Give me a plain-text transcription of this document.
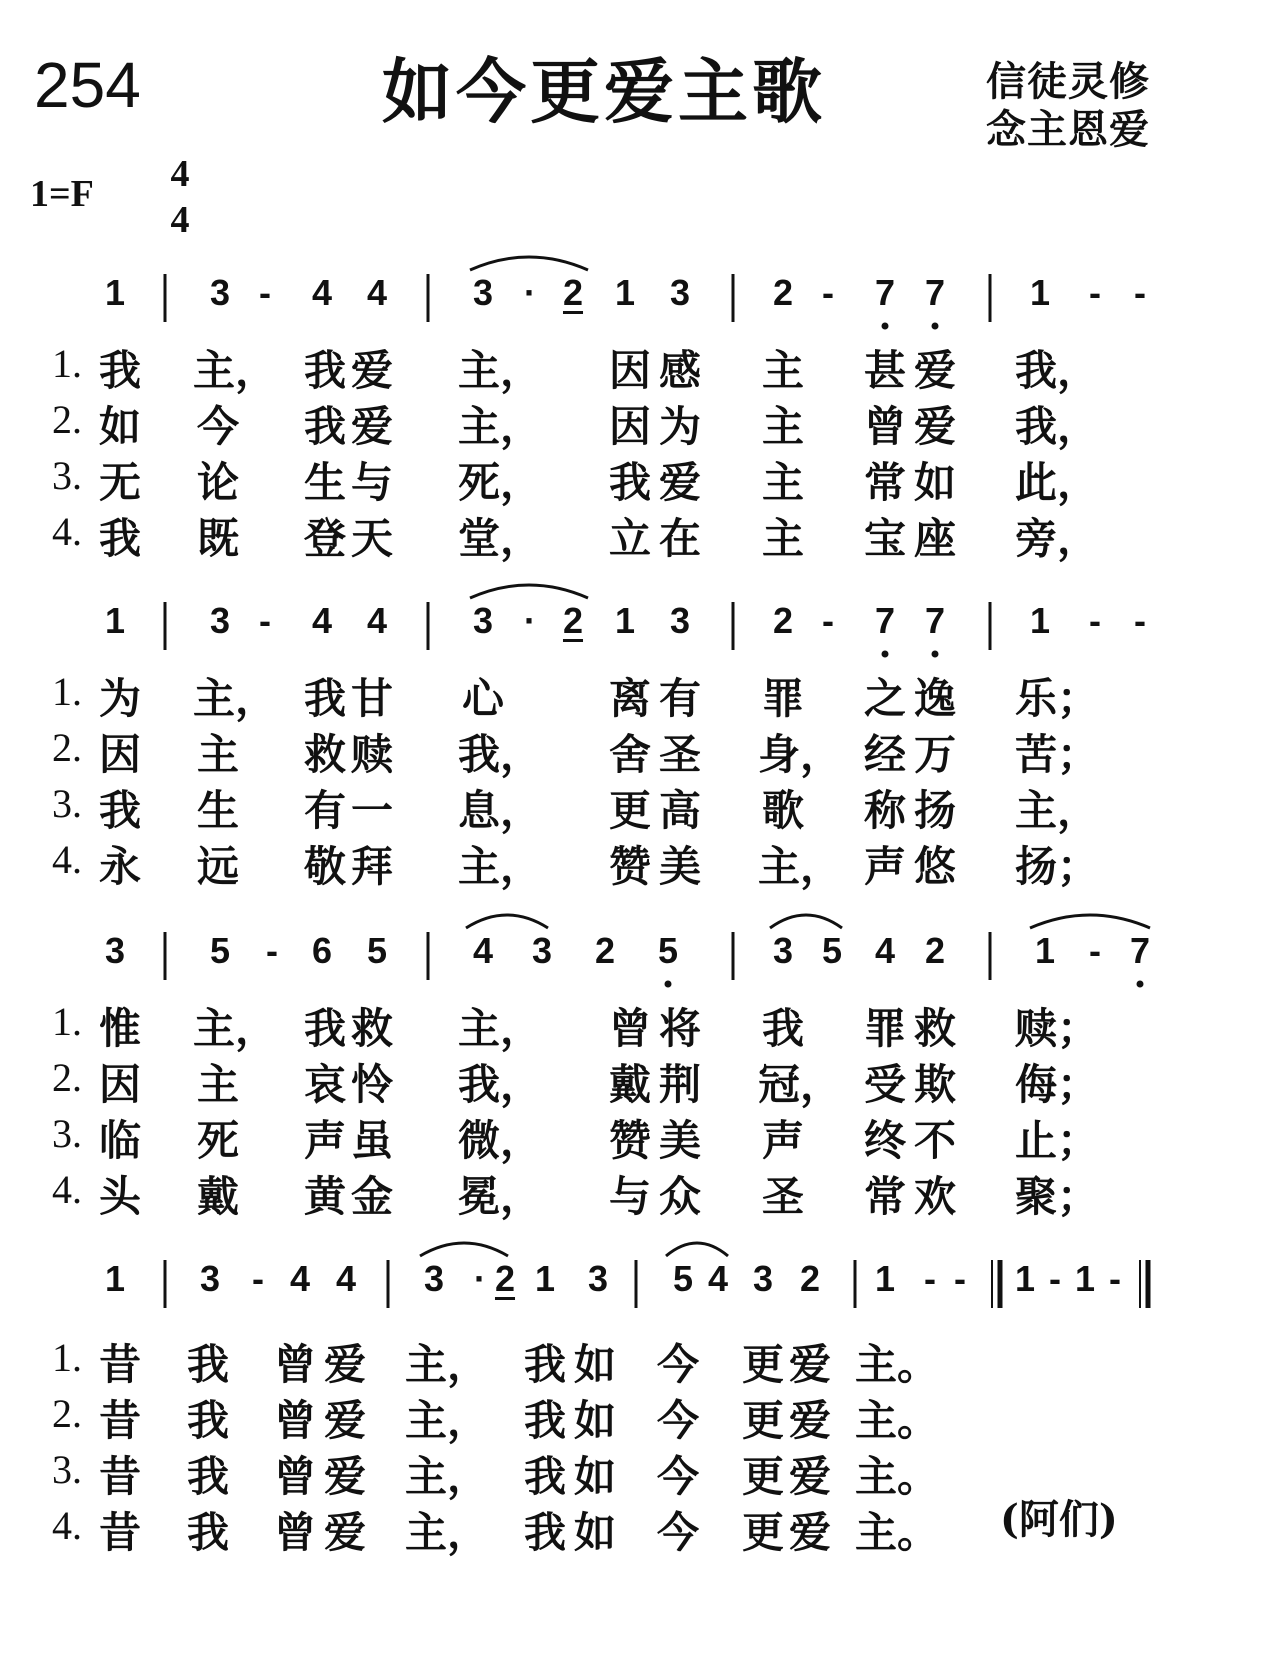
254	如今更爱主歌	信徒灵修
念主恩爱
1=F 4
4
1 3 -	4 4 3 · 2 1 3 2 -	7 7 1	- -
1. 我 主， 我 爱 主， 因 感 主 甚 爱 我，
2. 如 今 我 爱 主， 因 为 主 曾 爱 我，
3. 无 论 生 与 死， 我 爱 主 常 如 此，
4. 我 既 登 天 堂， 立 在 主 宝 座 旁，
1 3 -	4 4 3 · 2 1 3 2 -	7 7 1	- -
1. 为 主， 我 甘 心 离 有 罪 之 逸 乐；
2. 因 主 救 赎 我， 舍 圣 身， 经 万 苦；
3. 我 生 有 一 息， 更 高 歌 称 扬 主，
4. 永 远 敬 拜 主， 赞 美 主， 声 悠 扬；
3 5 - 6 5 4 3 2 5	3 5 4 2 1 - 7
1. 惟 主， 我 救 主， 曾 将 我 罪 救 赎；
2. 因 主 哀 怜 我， 戴 荆 冠， 受 欺 侮；
3. 临 死 声 虽 微， 赞 美 声 终 不 止；
4. 头 戴 黄 金 冕， 与 众 圣 常 欢 聚；
1 3 - 4 4 3 · 2 1 3 5 4 3 2 1 - -	1 - 1 -
1. 昔 我 曾 爱 主， 我 如 今 更 爱 主。
2. 昔 我 曾 爱 主， 我 如 今 更 爱 主。
3. 昔 我 曾 爱 主， 我 如 今 更 爱 主。
4. 昔 我 曾 爱 主， 我 如 今 更 爱 主。 (阿们)
